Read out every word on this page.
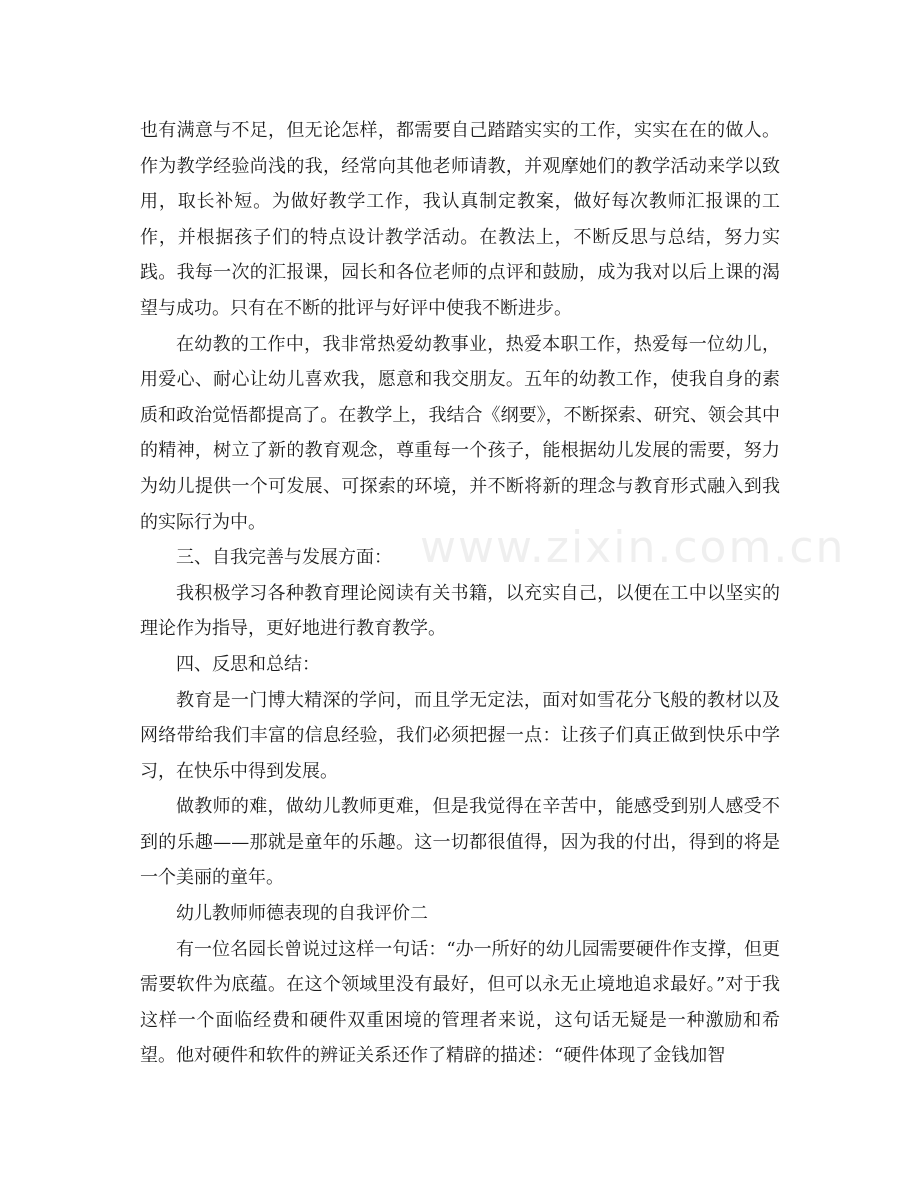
也有满意与不足，但无论怎样，都需要自己踏踏实实的工作，实实在在的做人。作为教学经验尚浅的我，经常向其他老师请教，并观摩她们的教学活动来学以致用，取长补短。为做好教学工作，我认真制定教案，做好每次教师汇报课的工作，并根据孩子们的特点设计教学活动。在教法上，不断反思与总结，努力实践。我每一次的汇报课，园长和各位老师的点评和鼓励，成为我对以后上课的渴望与成功。只有在不断的批评与好评中使我不断进步。

在幼教的工作中，我非常热爱幼教事业，热爱本职工作，热爱每一位幼儿，用爱心、耐心让幼儿喜欢我，愿意和我交朋友。五年的幼教工作，使我自身的素质和政治觉悟都提高了。在教学上，我结合《纲要》，不断探索、研究、领会其中的精神，树立了新的教育观念，尊重每一个孩子，能根据幼儿发展的需要，努力为幼儿提供一个可发展、可探索的环境，并不断将新的理念与教育形式融入到我的实际行为中。

三、自我完善与发展方面：

我积极学习各种教育理论阅读有关书籍，以充实自己，以便在工中以坚实的理论作为指导，更好地进行教育教学。

四、反思和总结：

教育是一门博大精深的学问，而且学无定法，面对如雪花分飞般的教材以及网络带给我们丰富的信息经验，我们必须把握一点：让孩子们真正做到快乐中学习，在快乐中得到发展。

做教师的难，做幼儿教师更难，但是我觉得在辛苦中，能感受到别人感受不到的乐趣——那就是童年的乐趣。这一切都很值得，因为我的付出，得到的将是一个美丽的童年。

幼儿教师师德表现的自我评价二

有一位名园长曾说过这样一句话：“办一所好的幼儿园需要硬件作支撑，但更需要软件为底蕴。在这个领域里没有最好，但可以永无止境地追求最好。”对于我这样一个面临经费和硬件双重困境的管理者来说，这句话无疑是一种激励和希望。他对硬件和软件的辨证关系还作了精辟的描述：“硬件体现了金钱加智

www.zixin.com.cn
